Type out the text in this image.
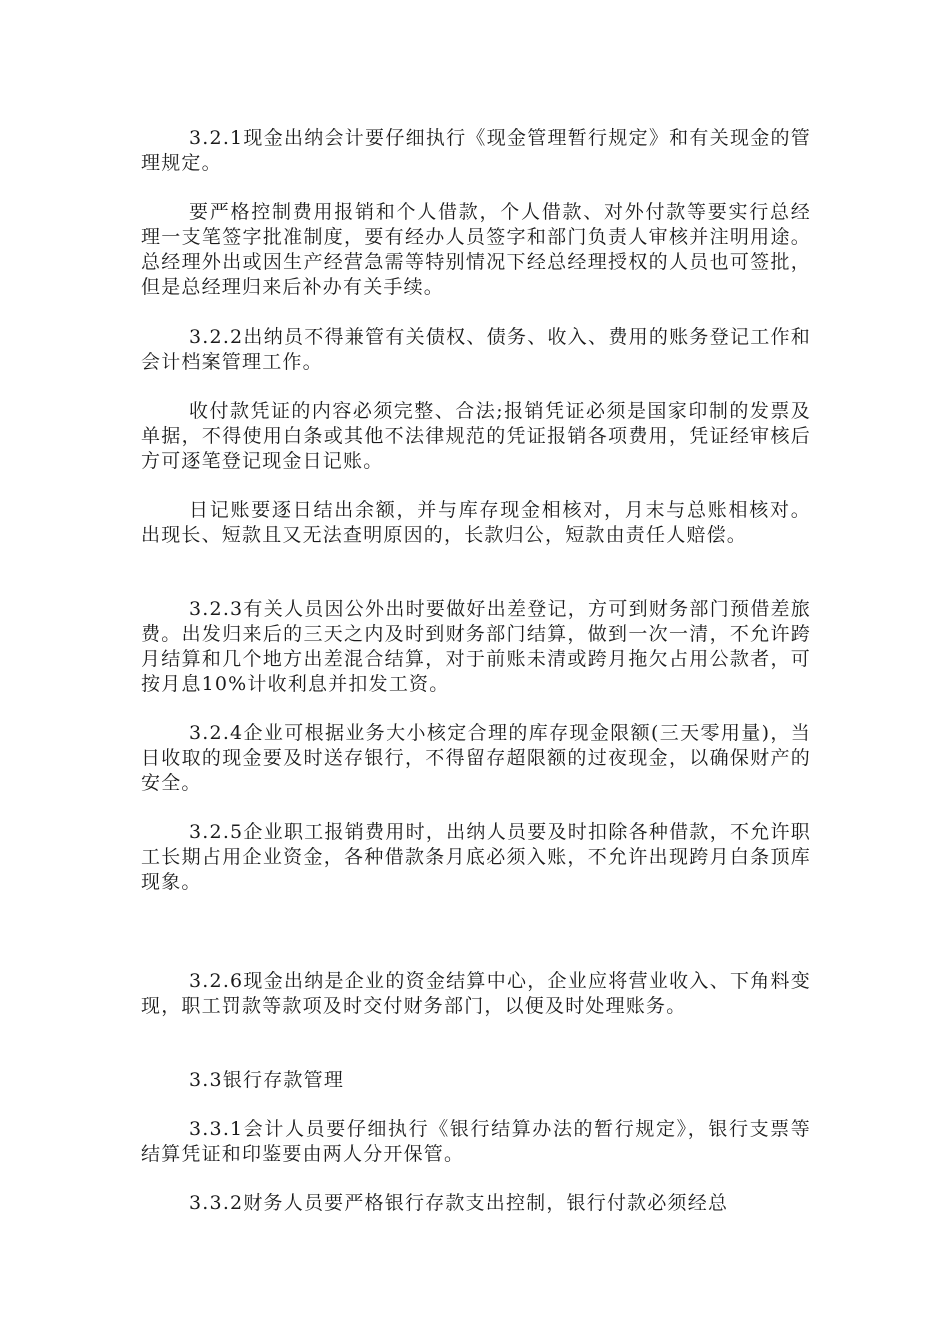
3.2.1现金出纳会计要仔细执行《现金管理暂行规定》和有关现金的管理规定。

要严格控制费用报销和个人借款，个人借款、对外付款等要实行总经理一支笔签字批准制度，要有经办人员签字和部门负责人审核并注明用途。总经理外出或因生产经营急需等特别情况下经总经理授权的人员也可签批，但是总经理归来后补办有关手续。

3.2.2出纳员不得兼管有关债权、债务、收入、费用的账务登记工作和会计档案管理工作。

收付款凭证的内容必须完整、合法;报销凭证必须是国家印制的发票及单据，不得使用白条或其他不法律规范的凭证报销各项费用，凭证经审核后方可逐笔登记现金日记账。

日记账要逐日结出余额，并与库存现金相核对，月末与总账相核对。出现长、短款且又无法查明原因的，长款归公，短款由责任人赔偿。

3.2.3有关人员因公外出时要做好出差登记，方可到财务部门预借差旅费。出发归来后的三天之内及时到财务部门结算，做到一次一清，不允许跨月结算和几个地方出差混合结算，对于前账未清或跨月拖欠占用公款者，可按月息10%计收利息并扣发工资。

3.2.4企业可根据业务大小核定合理的库存现金限额(三天零用量)，当日收取的现金要及时送存银行，不得留存超限额的过夜现金，以确保财产的安全。

3.2.5企业职工报销费用时，出纳人员要及时扣除各种借款，不允许职工长期占用企业资金，各种借款条月底必须入账，不允许出现跨月白条顶库现象。

3.2.6现金出纳是企业的资金结算中心，企业应将营业收入、下角料变现，职工罚款等款项及时交付财务部门，以便及时处理账务。

3.3银行存款管理

3.3.1会计人员要仔细执行《银行结算办法的暂行规定》，银行支票等结算凭证和印鉴要由两人分开保管。

3.3.2财务人员要严格银行存款支出控制，银行付款必须经总
